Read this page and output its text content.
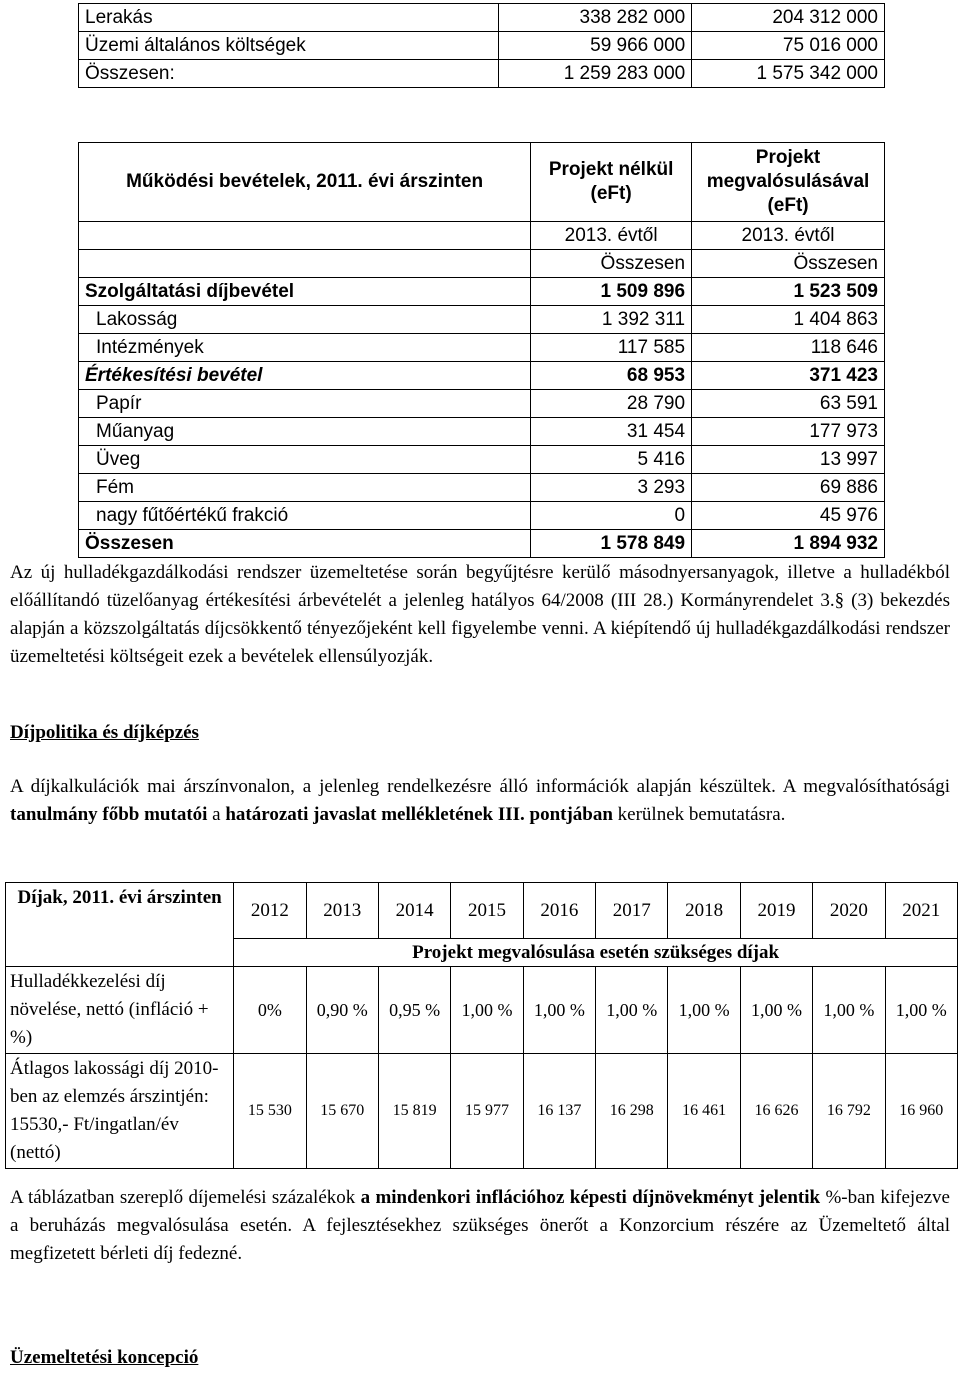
Lerakás	338 282 000	204 312 000
Üzemi általános költségek	59 966 000	75 016 000
Összesen:	1 259 283 000	1 575 342 000
Működési bevételek, 2011. évi árszinten	Projekt nélkül (eFt)	Projekt megvalósulásával (eFt)
	2013. évtől	2013. évtől
	Összesen	Összesen
Szolgáltatási díjbevétel	1 509 896	1 523 509
Lakosság	1 392 311	1 404 863
Intézmények	117 585	118 646
Értékesítési bevétel	68 953	371 423
Papír	28 790	63 591
Műanyag	31 454	177 973
Üveg	5 416	13 997
Fém	3 293	69 886
nagy fűtőértékű frakció	0	45 976
Összesen	1 578 849	1 894 932
Az új hulladékgazdálkodási rendszer üzemeltetése során begyűjtésre kerülő másodnyersanyagok, illetve a hulladékból előállítandó tüzelőanyag értékesítési árbevételét a jelenleg hatályos 64/2008 (III 28.) Kormányrendelet 3.§ (3) bekezdés alapján a közszolgáltatás díjcsökkentő tényezőjeként kell figyelembe venni. A kiépítendő új hulladékgazdálkodási rendszer üzemeltetési költségeit ezek a bevételek ellensúlyozják.
Díjpolitika és díjképzés
A díjkalkulációk mai árszínvonalon, a jelenleg rendelkezésre álló információk alapján készültek. A megvalósíthatósági tanulmány főbb mutatói a határozati javaslat mellékletének III. pontjában kerülnek bemutatásra.
Díjak, 2011. évi árszinten	2012	2013	2014	2015	2016	2017	2018	2019	2020	2021
	Projekt megvalósulása esetén szükséges díjak									
Hulladékkezelési díj növelése, nettó (infláció + %)	0%	0,90 %	0,95 %	1,00 %	1,00 %	1,00 %	1,00 %	1,00 %	1,00 %	1,00 %
Átlagos lakossági díj 2010-ben az elemzés árszintjén: 15530,- Ft/ingatlan/év (nettó)	15 530	15 670	15 819	15 977	16 137	16 298	16 461	16 626	16 792	16 960
A táblázatban szereplő díjemelési százalékok a mindenkori inflációhoz képesti díjnövekményt jelentik %-ban kifejezve a beruházás megvalósulása esetén. A fejlesztésekhez szükséges önerőt a Konzorcium részére az Üzemeltető által megfizetett bérleti díj fedezné.
Üzemeltetési koncepció
